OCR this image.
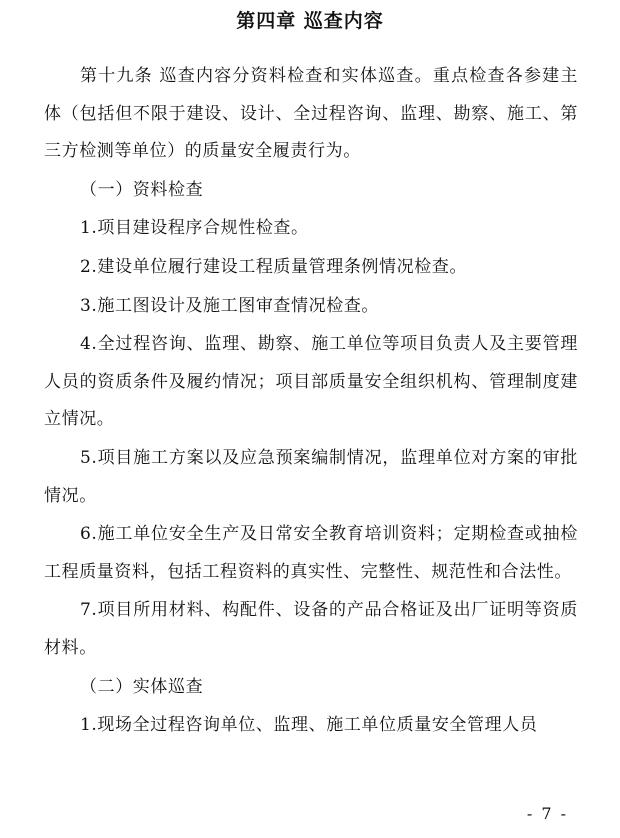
第四章 巡查内容

第十九条 巡查内容分资料检查和实体巡查。重点检查各参建主体（包括但不限于建设、设计、全过程咨询、监理、勘察、施工、第三方检测等单位）的质量安全履责行为。

（一）资料检查

1.项目建设程序合规性检查。

2.建设单位履行建设工程质量管理条例情况检查。

3.施工图设计及施工图审查情况检查。

4.全过程咨询、监理、勘察、施工单位等项目负责人及主要管理人员的资质条件及履约情况；项目部质量安全组织机构、管理制度建立情况。

5.项目施工方案以及应急预案编制情况，监理单位对方案的审批情况。

6.施工单位安全生产及日常安全教育培训资料；定期检查或抽检工程质量资料，包括工程资料的真实性、完整性、规范性和合法性。

7.项目所用材料、构配件、设备的产品合格证及出厂证明等资质材料。

（二）实体巡查

1.现场全过程咨询单位、监理、施工单位质量安全管理人员

- 7 -
